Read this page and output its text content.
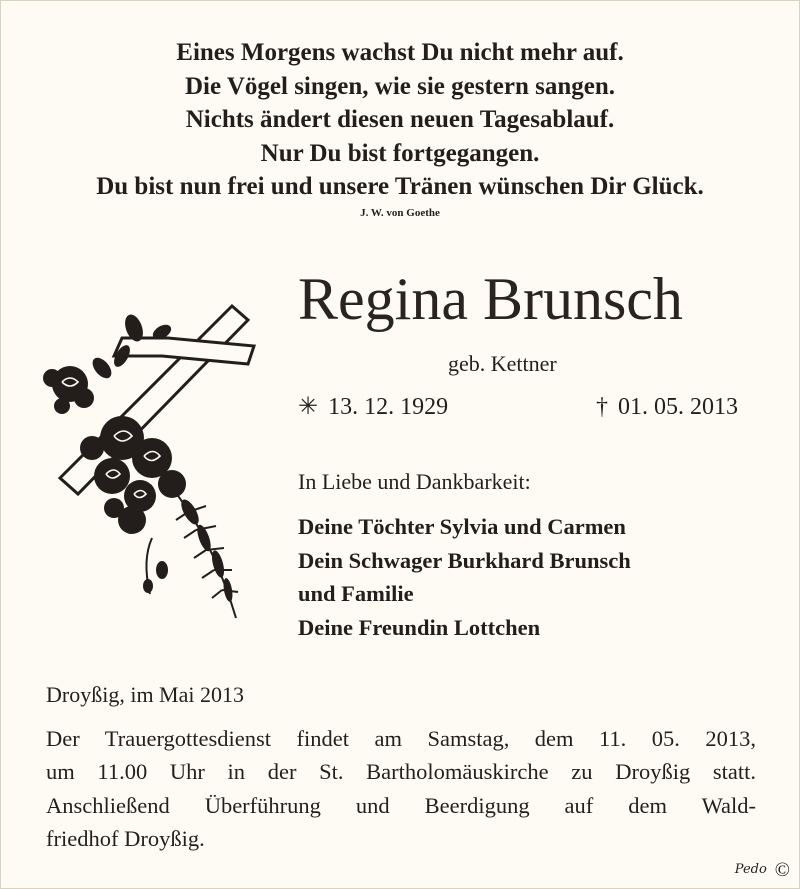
Eines Morgens wachst Du nicht mehr auf.
Die Vögel singen, wie sie gestern sangen.
Nichts ändert diesen neuen Tagesablauf.
Nur Du bist fortgegangen.
Du bist nun frei und unsere Tränen wünschen Dir Glück.
J. W. von Goethe
Regina Brunsch
geb. Kettner
✳ 13. 12. 1929	† 01. 05. 2013
In Liebe und Dankbarkeit:
Deine Töchter Sylvia und Carmen
Dein Schwager Burkhard Brunsch
und Familie
Deine Freundin Lottchen
Droyßig, im Mai 2013
Der Trauergottesdienst findet am Samstag, dem 11. 05. 2013,
um 11.00 Uhr in der St. Bartholomäuskirche zu Droyßig statt.
Anschließend Überführung und Beerdigung auf dem Wald-
friedhof Droyßig.
Pedo ©
